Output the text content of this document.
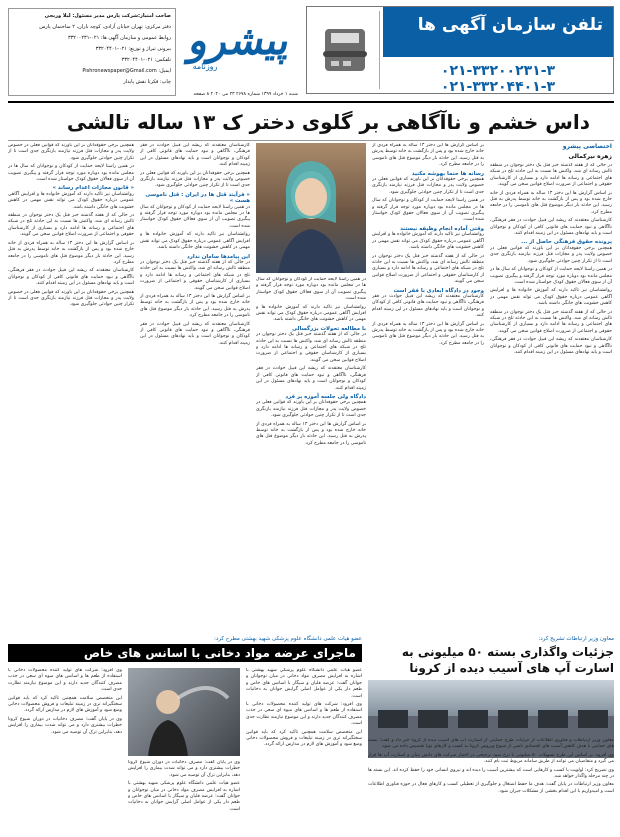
صاحب امتیاز:شرکت پارس مدیر مسئول: لیلا وریجی
دفتر مرکزی: تهران خیابان آزادی، کوچه باران، ۲ ساختمان پارس
روابط عمومی و سازمان آگهی ها: ۰۲۱-۳۳۲۰۰۲۳۱
بیرونی تیراژ و توزیع: ۰۲۱-۳۳۲۰۴۴۰۱
تلفکس: ۰۲۱-۳۳۲۰۴۴۰۱
ایمیل: Pishronewspaper@Gmail.com
چاپ: فکرتا نقش پایدار
پیشرو
روزنامه
تلفن سازمان آگهی ها
۰۲۱-۳۳۲۰۰۲۳۱-۳ ۰۲۱-۳۳۲۰۴۴۰۱-۳
شنبه ۱ خرداد ۱۳۹۹ شماره ۲۶۷۸ ۲۳ می ۲۰۲۰ ۸ صفحه
داس خشم و ناآگاهی بر گلوی دختر ک ۱۳ ساله تالشی
اختصاصی پیشرو
زهره نیرکمالی

در حالی که از هفته گذشته خبر قتل یک دختر نوجوان در منطقه تالش رسانه ای شد، واکنش ها نسبت به این حادثه تلخ در شبکه های اجتماعی و رسانه ها ادامه دارد و بسیاری از کارشناسان حقوقی و اجتماعی از ضرورت اصلاح قوانین سخن می گویند.

بر اساس گزارش ها این دختر ۱۳ ساله به همراه فردی از خانه خارج شده بود و پس از بازگشت به خانه توسط پدرش به قتل رسید. این حادثه بار دیگر موضوع قتل های ناموسی را در جامعه مطرح کرد.

کارشناسان معتقدند که ریشه این قبیل حوادث در فقر فرهنگی، ناآگاهی و نبود حمایت های قانونی کافی از کودکان و نوجوانان است و باید نهادهای مسئول در این زمینه اقدام کنند.

پرونده حقوق فرهنگی حاصل از ...

همچنین برخی حقوقدانان بر این باورند که قوانین فعلی در خصوص ولایت پدر و مجازات قتل فرزند نیازمند بازنگری جدی است تا از تکرار چنین حوادثی جلوگیری شود.

در همین راستا لایحه حمایت از کودکان و نوجوانان که سال ها در مجلس مانده بود دوباره مورد توجه قرار گرفته و پیگیری تصویب آن از سوی فعالان حقوق کودک خواستار شده است.

روانشناسان نیز تاکید دارند که آموزش خانواده ها و افزایش آگاهی عمومی درباره حقوق کودک می تواند نقش مهمی در کاهش خشونت های خانگی داشته باشد.

در حالی که از هفته گذشته خبر قتل یک دختر نوجوان در منطقه تالش رسانه ای شد، واکنش ها نسبت به این حادثه تلخ در شبکه های اجتماعی و رسانه ها ادامه دارد و بسیاری از کارشناسان حقوقی و اجتماعی از ضرورت اصلاح قوانین سخن می گویند.

کارشناسان معتقدند که ریشه این قبیل حوادث در فقر فرهنگی، ناآگاهی و نبود حمایت های قانونی کافی از کودکان و نوجوانان است و باید نهادهای مسئول در این زمینه اقدام کنند.

بر اساس گزارش ها این دختر ۱۳ ساله به همراه فردی از خانه خارج شده بود و پس از بازگشت به خانه توسط پدرش به قتل رسید. این حادثه بار دیگر موضوع قتل های ناموسی را در جامعه مطرح کرد.

رسانه ها حتما بهوشه مکنید

همچنین برخی حقوقدانان بر این باورند که قوانین فعلی در خصوص ولایت پدر و مجازات قتل فرزند نیازمند بازنگری جدی است تا از تکرار چنین حوادثی جلوگیری شود.

در همین راستا لایحه حمایت از کودکان و نوجوانان که سال ها در مجلس مانده بود دوباره مورد توجه قرار گرفته و پیگیری تصویب آن از سوی فعالان حقوق کودک خواستار شده است.

وقتی آماده انجام وظیفه نیستند

روانشناسان نیز تاکید دارند که آموزش خانواده ها و افزایش آگاهی عمومی درباره حقوق کودک می تواند نقش مهمی در کاهش خشونت های خانگی داشته باشد.

در حالی که از هفته گذشته خبر قتل یک دختر نوجوان در منطقه تالش رسانه ای شد، واکنش ها نسبت به این حادثه تلخ در شبکه های اجتماعی و رسانه ها ادامه دارد و بسیاری از کارشناسان حقوقی و اجتماعی از ضرورت اصلاح قوانین سخن می گویند.

وجود در دادگاه ابعادی با فقر است

کارشناسان معتقدند که ریشه این قبیل حوادث در فقر فرهنگی، ناآگاهی و نبود حمایت های قانونی کافی از کودکان و نوجوانان است و باید نهادهای مسئول در این زمینه اقدام کنند.

بر اساس گزارش ها این دختر ۱۳ ساله به همراه فردی از خانه خارج شده بود و پس از بازگشت به خانه توسط پدرش به قتل رسید. این حادثه بار دیگر موضوع قتل های ناموسی را در جامعه مطرح کرد.

در همین راستا لایحه حمایت از کودکان و نوجوانان که سال ها در مجلس مانده بود دوباره مورد توجه قرار گرفته و پیگیری تصویب آن از سوی فعالان حقوق کودک خواستار شده است.

روانشناسان نیز تاکید دارند که آموزش خانواده ها و افزایش آگاهی عمومی درباره حقوق کودک می تواند نقش مهمی در کاهش خشونت های خانگی داشته باشد.

با مطالعه تحولات بزرگسالی

در حالی که از هفته گذشته خبر قتل یک دختر نوجوان در منطقه تالش رسانه ای شد، واکنش ها نسبت به این حادثه تلخ در شبکه های اجتماعی و رسانه ها ادامه دارد و بسیاری از کارشناسان حقوقی و اجتماعی از ضرورت اصلاح قوانین سخن می گویند.

کارشناسان معتقدند که ریشه این قبیل حوادث در فقر فرهنگی، ناآگاهی و نبود حمایت های قانونی کافی از کودکان و نوجوانان است و باید نهادهای مسئول در این زمینه اقدام کنند.

دادگاه ولی جلسه آموزه بر فرد

همچنین برخی حقوقدانان بر این باورند که قوانین فعلی در خصوص ولایت پدر و مجازات قتل فرزند نیازمند بازنگری جدی است تا از تکرار چنین حوادثی جلوگیری شود.

بر اساس گزارش ها این دختر ۱۳ ساله به همراه فردی از خانه خارج شده بود و پس از بازگشت به خانه توسط پدرش به قتل رسید. این حادثه بار دیگر موضوع قتل های ناموسی را در جامعه مطرح کرد.

کارشناسان معتقدند که ریشه این قبیل حوادث در فقر فرهنگی، ناآگاهی و نبود حمایت های قانونی کافی از کودکان و نوجوانان است و باید نهادهای مسئول در این زمینه اقدام کنند.

همچنین برخی حقوقدانان بر این باورند که قوانین فعلی در خصوص ولایت پدر و مجازات قتل فرزند نیازمند بازنگری جدی است تا از تکرار چنین حوادثی جلوگیری شود.

« فرآیند قتل ها در ایران : قتل ناموسی هست »

در همین راستا لایحه حمایت از کودکان و نوجوانان که سال ها در مجلس مانده بود دوباره مورد توجه قرار گرفته و پیگیری تصویب آن از سوی فعالان حقوق کودک خواستار شده است.

روانشناسان نیز تاکید دارند که آموزش خانواده ها و افزایش آگاهی عمومی درباره حقوق کودک می تواند نقش مهمی در کاهش خشونت های خانگی داشته باشد.

این پیامدها سامان ندارد

در حالی که از هفته گذشته خبر قتل یک دختر نوجوان در منطقه تالش رسانه ای شد، واکنش ها نسبت به این حادثه تلخ در شبکه های اجتماعی و رسانه ها ادامه دارد و بسیاری از کارشناسان حقوقی و اجتماعی از ضرورت اصلاح قوانین سخن می گویند.

بر اساس گزارش ها این دختر ۱۳ ساله به همراه فردی از خانه خارج شده بود و پس از بازگشت به خانه توسط پدرش به قتل رسید. این حادثه بار دیگر موضوع قتل های ناموسی را در جامعه مطرح کرد.

کارشناسان معتقدند که ریشه این قبیل حوادث در فقر فرهنگی، ناآگاهی و نبود حمایت های قانونی کافی از کودکان و نوجوانان است و باید نهادهای مسئول در این زمینه اقدام کنند.

همچنین برخی حقوقدانان بر این باورند که قوانین فعلی در خصوص ولایت پدر و مجازات قتل فرزند نیازمند بازنگری جدی است تا از تکرار چنین حوادثی جلوگیری شود.

در همین راستا لایحه حمایت از کودکان و نوجوانان که سال ها در مجلس مانده بود دوباره مورد توجه قرار گرفته و پیگیری تصویب آن از سوی فعالان حقوق کودک خواستار شده است.

« قانون مجازات اعدام رساند »

روانشناسان نیز تاکید دارند که آموزش خانواده ها و افزایش آگاهی عمومی درباره حقوق کودک می تواند نقش مهمی در کاهش خشونت های خانگی داشته باشد.

در حالی که از هفته گذشته خبر قتل یک دختر نوجوان در منطقه تالش رسانه ای شد، واکنش ها نسبت به این حادثه تلخ در شبکه های اجتماعی و رسانه ها ادامه دارد و بسیاری از کارشناسان حقوقی و اجتماعی از ضرورت اصلاح قوانین سخن می گویند.

بر اساس گزارش ها این دختر ۱۳ ساله به همراه فردی از خانه خارج شده بود و پس از بازگشت به خانه توسط پدرش به قتل رسید. این حادثه بار دیگر موضوع قتل های ناموسی را در جامعه مطرح کرد.

کارشناسان معتقدند که ریشه این قبیل حوادث در فقر فرهنگی، ناآگاهی و نبود حمایت های قانونی کافی از کودکان و نوجوانان است و باید نهادهای مسئول در این زمینه اقدام کنند.

همچنین برخی حقوقدانان بر این باورند که قوانین فعلی در خصوص ولایت پدر و مجازات قتل فرزند نیازمند بازنگری جدی است تا از تکرار چنین حوادثی جلوگیری شود.

معاون وزیر ارتباطات تشریح کرد:
جزئیات واگذاری بسته ۵۰ میلیونی به اسارت آپ های آسیب دیده از کرونا

معاون وزیر ارتباطات و فناوری اطلاعات از جزئیات طرح حمایتی از استارت آپ های آسیب دیده از کرونا خبر داد و گفت: بسته های حمایتی با هدف کاهش آسیب های اقتصادی ناشی از شیوع ویروس کرونا به کسب و کارهای نوپا تخصیص داده می شود.

وی افزود: بر اساس این طرح تسهیلات ۵۰ میلیونی با نرخ سود ترجیحی در اختیار شرکت های دانش بنیان و استارت آپ ها قرار می گیرد و متقاضیان می توانند از طریق سامانه مربوط ثبت نام کنند.

وی تصریح کرد: اولویت با کسب و کارهایی است که بیشترین آسیب را دیده اند و نیروی انسانی خود را حفظ کرده اند. این بسته ها در چند مرحله واگذار خواهد شد.

معاون وزیر ارتباطات در پایان گفت: هدف ما حفظ اشتغال و جلوگیری از تعطیلی کسب و کارهای فعال در حوزه فناوری اطلاعات است و امیدواریم با این اقدام بخشی از مشکلات جبران شود.

عضو هیات علمی دانشگاه علوم پزشکی شهید بهشتی مطرح کرد:
ماجرای عرضه مواد دخانی با اسانس های خاص

عضو هیات علمی دانشگاه علوم پزشکی شهید بهشتی با اشاره به افزایش مصرف مواد دخانی در میان نوجوانان و جوانان گفت: عرضه قلیان و سیگار با اسانس های خاص و طعم دار یکی از عوامل اصلی گرایش جوانان به دخانیات است.

وی افزود: شرکت های تولید کننده محصولات دخانی با استفاده از طعم ها و اسانس های میوه ای سعی در جذب مصرف کنندگان جدید دارند و این موضوع نیازمند نظارت جدی است.

این متخصص سلامت همچنین تاکید کرد که باید قوانین سختگیرانه تری در زمینه تبلیغات و فروش محصولات دخانی وضع شود و آموزش های لازم در مدارس ارائه گردد.

وی در پایان گفت: مصرف دخانیات در دوران شیوع کرونا خطرات بیشتری دارد و می تواند شدت بیماری را افزایش دهد، بنابراین ترک آن توصیه می شود.

عضو هیات علمی دانشگاه علوم پزشکی شهید بهشتی با اشاره به افزایش مصرف مواد دخانی در میان نوجوانان و جوانان گفت: عرضه قلیان و سیگار با اسانس های خاص و طعم دار یکی از عوامل اصلی گرایش جوانان به دخانیات است.

وی افزود: شرکت های تولید کننده محصولات دخانی با استفاده از طعم ها و اسانس های میوه ای سعی در جذب مصرف کنندگان جدید دارند و این موضوع نیازمند نظارت جدی است.

این متخصص سلامت همچنین تاکید کرد که باید قوانین سختگیرانه تری در زمینه تبلیغات و فروش محصولات دخانی وضع شود و آموزش های لازم در مدارس ارائه گردد.

وی در پایان گفت: مصرف دخانیات در دوران شیوع کرونا خطرات بیشتری دارد و می تواند شدت بیماری را افزایش دهد، بنابراین ترک آن توصیه می شود.
